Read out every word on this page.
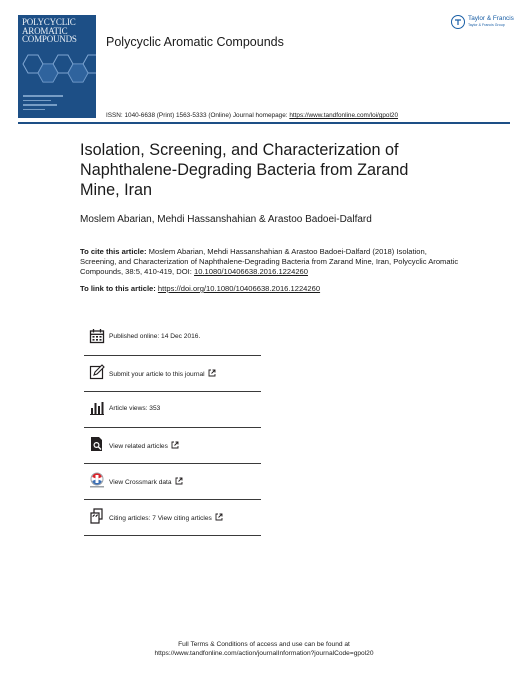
POLYCYCLIC
AROMATIC
COMPOUNDS	Polycyclic Aromatic Compounds
Taylor & Francis
Taylor & Francis Group
ISSN: 1040-6638 (Print) 1563-5333 (Online) Journal homepage: https://www.tandfonline.com/loi/gpol20
Isolation, Screening, and Characterization of Naphthalene-Degrading Bacteria from Zarand Mine, Iran
Moslem Abarian, Mehdi Hassanshahian & Arastoo Badoei-Dalfard
To cite this article: Moslem Abarian, Mehdi Hassanshahian & Arastoo Badoei-Dalfard (2018) Isolation, Screening, and Characterization of Naphthalene-Degrading Bacteria from Zarand Mine, Iran, Polycyclic Aromatic Compounds, 38:5, 410-419, DOI: 10.1080/10406638.2016.1224260
To link to this article: https://doi.org/10.1080/10406638.2016.1224260
Published online: 14 Dec 2016.
Submit your article to this journal
Article views: 353
View related articles
View Crossmark data
Citing articles: 7 View citing articles
Full Terms & Conditions of access and use can be found at
https://www.tandfonline.com/action/journalInformation?journalCode=gpol20
